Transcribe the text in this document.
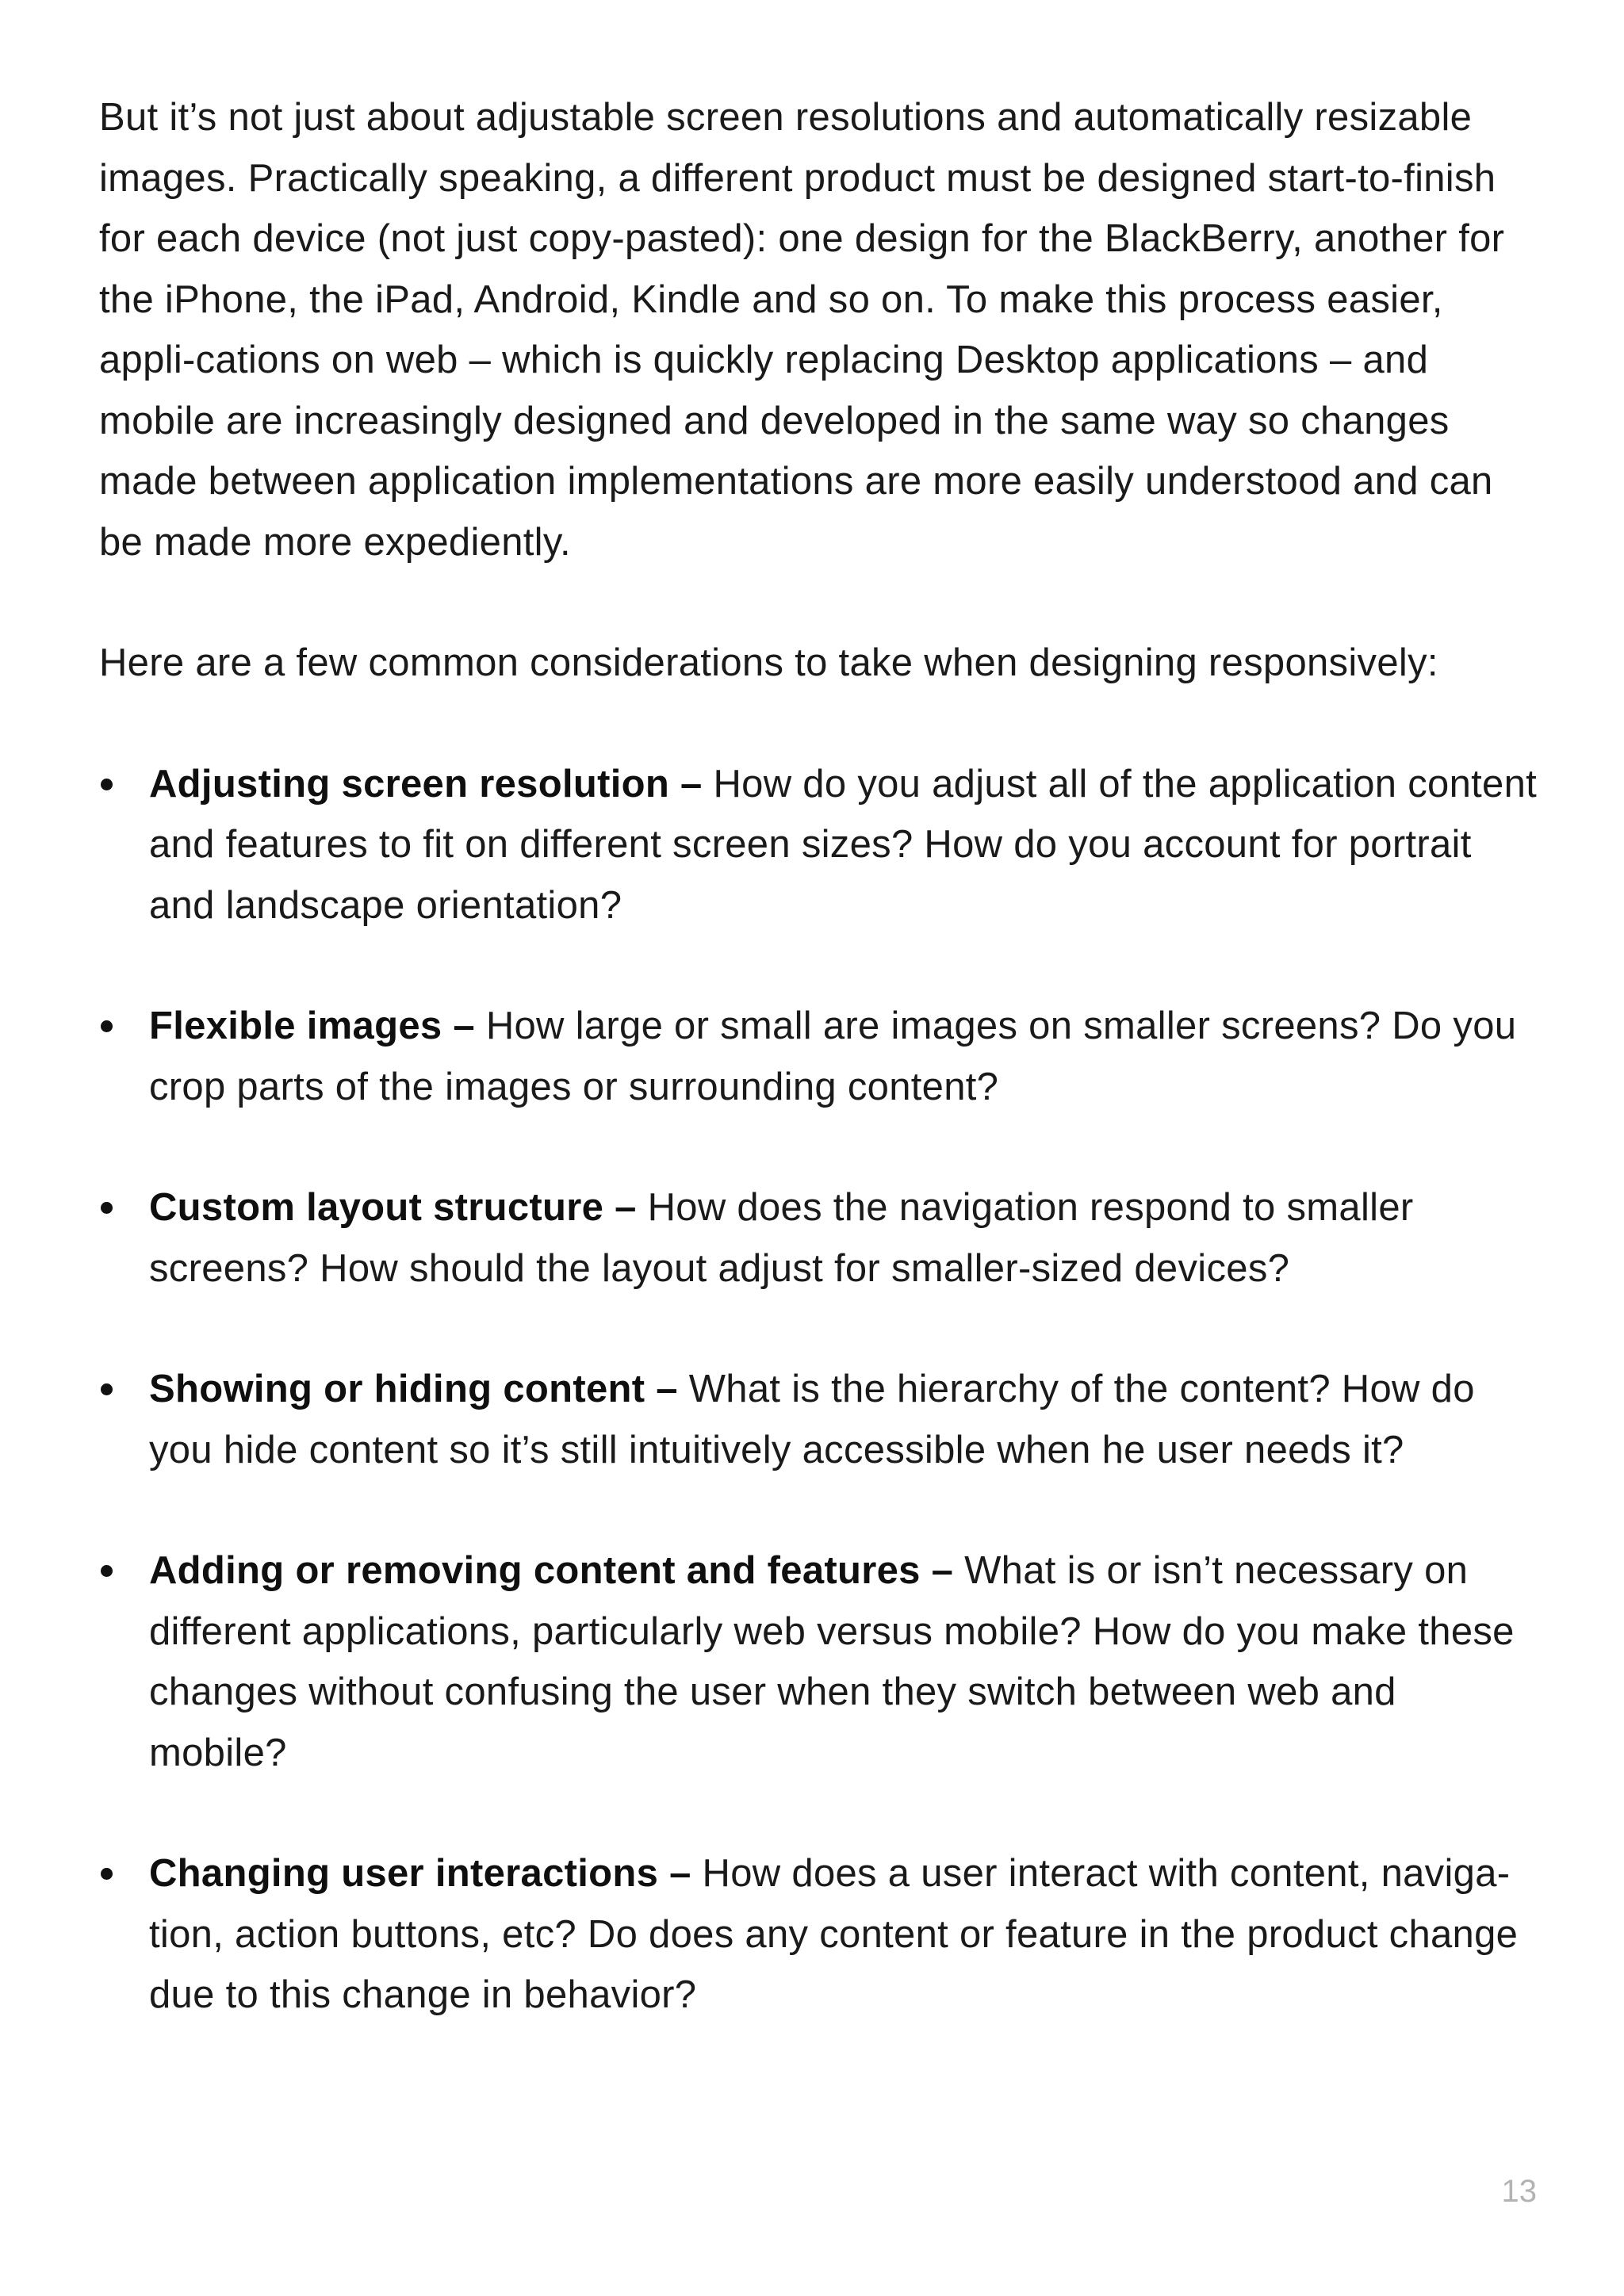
But it’s not just about adjustable screen resolutions and automatically resizable images. Practically speaking, a different product must be designed start-to-finish for each device (not just copy-pasted): one design for the BlackBerry, another for the iPhone, the iPad, Android, Kindle and so on. To make this process easier, appli-cations on web – which is quickly replacing Desktop applications – and mobile are increasingly designed and developed in the same way so changes made between application implementations are more easily understood and can be made more expediently.

Here are a few common considerations to take when designing responsively:

Adjusting screen resolution – How do you adjust all of the application content and features to fit on different screen sizes? How do you account for portrait and landscape orientation?
Flexible images – How large or small are images on smaller screens? Do you crop parts of the images or surrounding content?
Custom layout structure – How does the navigation respond to smaller screens? How should the layout adjust for smaller-sized devices?
Showing or hiding content – What is the hierarchy of the content? How do you hide content so it’s still intuitively accessible when he user needs it?
Adding or removing content and features – What is or isn’t necessary on different applications, particularly web versus mobile? How do you make these changes without confusing the user when they switch between web and mobile?
Changing user interactions – How does a user interact with content, naviga-tion, action buttons, etc? Do does any content or feature in the product change due to this change in behavior?
13
